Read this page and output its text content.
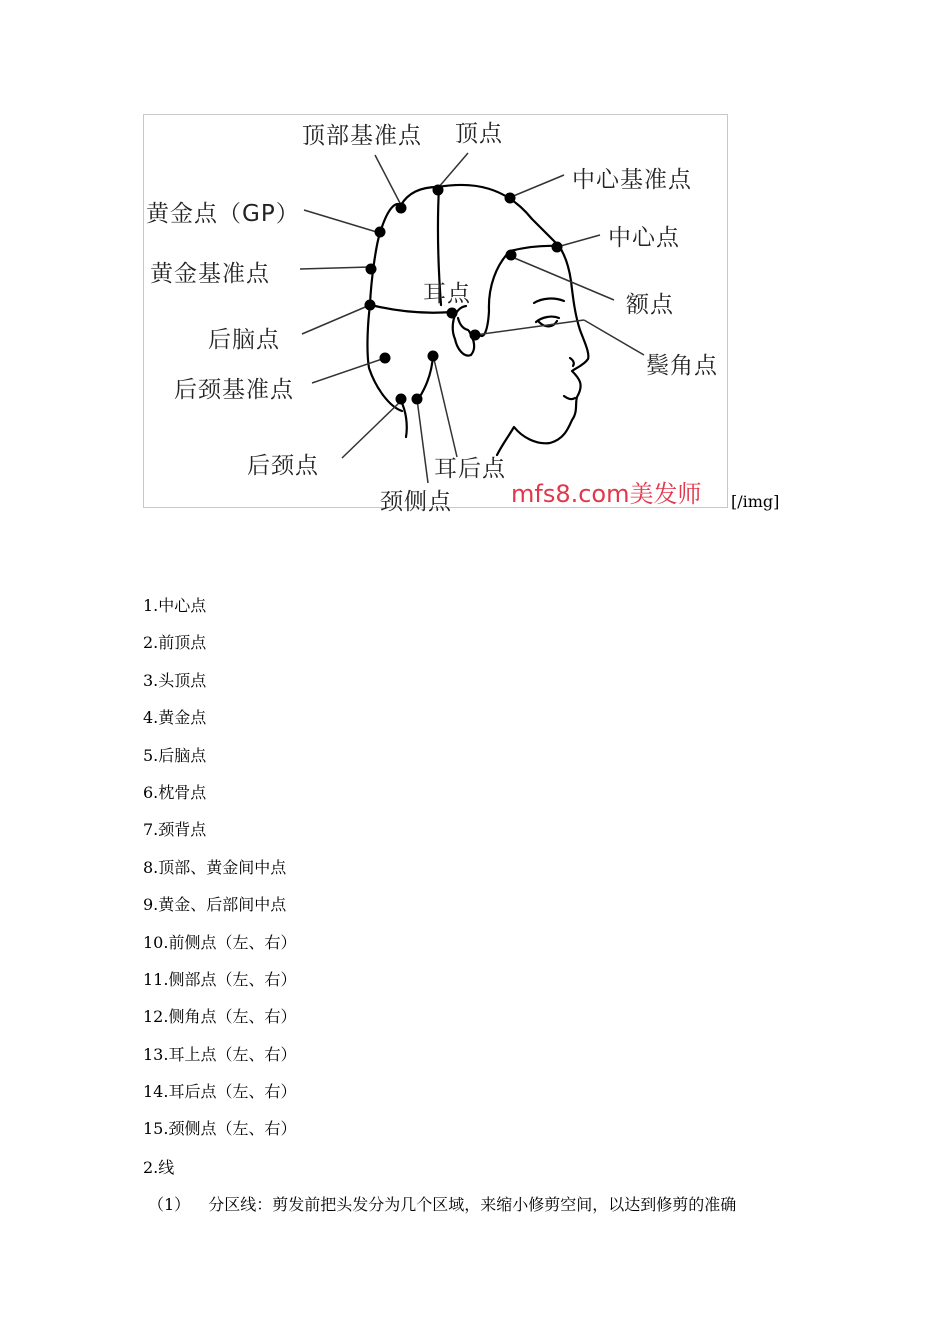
顶部基准点 顶点
中心基准点
黄金点（GP）
中心点
黄金基准点
耳点	额点
后脑点
鬓角点
后颈基准点
后颈点	耳后点
颈侧点 mfs8.com美发师 [/img]
1.中心点
2.前顶点
3.头顶点
4.黄金点
5.后脑点
6.枕骨点
7.颈背点
8.顶部、黄金间中点
9.黄金、后部间中点
10.前侧点（左、右）
11.侧部点（左、右）
12.侧角点（左、右）
13.耳上点（左、右）
14.耳后点（左、右）
15.颈侧点（左、右）
2.线
（1） 分区线：剪发前把头发分为几个区域，来缩小修剪空间，以达到修剪的准确
